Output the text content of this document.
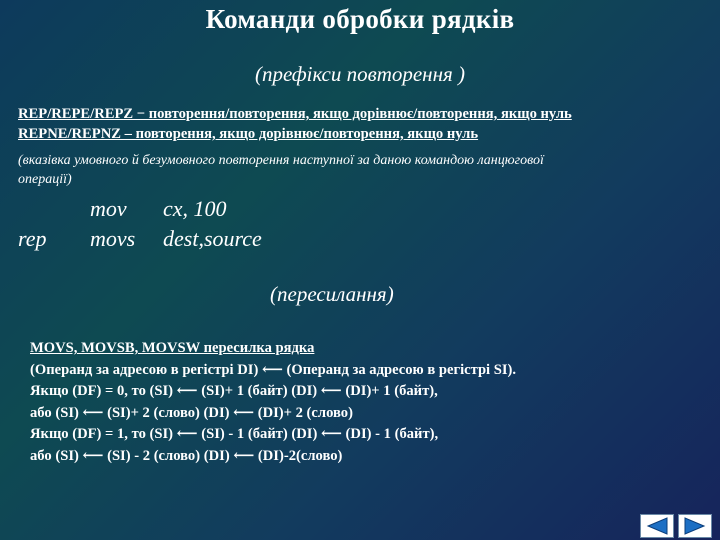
Команди обробки рядків
(префікси повторення )
REP/REPE/REPZ − повторення/повторення, якщо дорівнює/повторення, якщо нуль
REPNE/REPNZ – повторення, якщо дорівнює/повторення, якщо нуль
(вказівка умовного й безумовного повторення наступної за даною командою ланцюгової
операції)
mov cx, 100
rep movs dest,source
(пересилання)
MOVS, MOVSB, MOVSW пересилка рядка
(Операнд за адресою в регістрі DI) ⟵ (Операнд за адресою в регістрі SI).
Якщо (DF) = 0, то (SI) ⟵ (SI)+ 1 (байт) (DI) ⟵ (DI)+ 1 (байт),
або (SI) ⟵ (SI)+ 2 (слово) (DI) ⟵ (DI)+ 2 (слово)
Якщо (DF) = 1, то (SI) ⟵ (SI) - 1 (байт) (DI) ⟵ (DI) - 1 (байт),
або (SI) ⟵ (SI) - 2 (слово) (DI) ⟵ (DI)-2(слово)
